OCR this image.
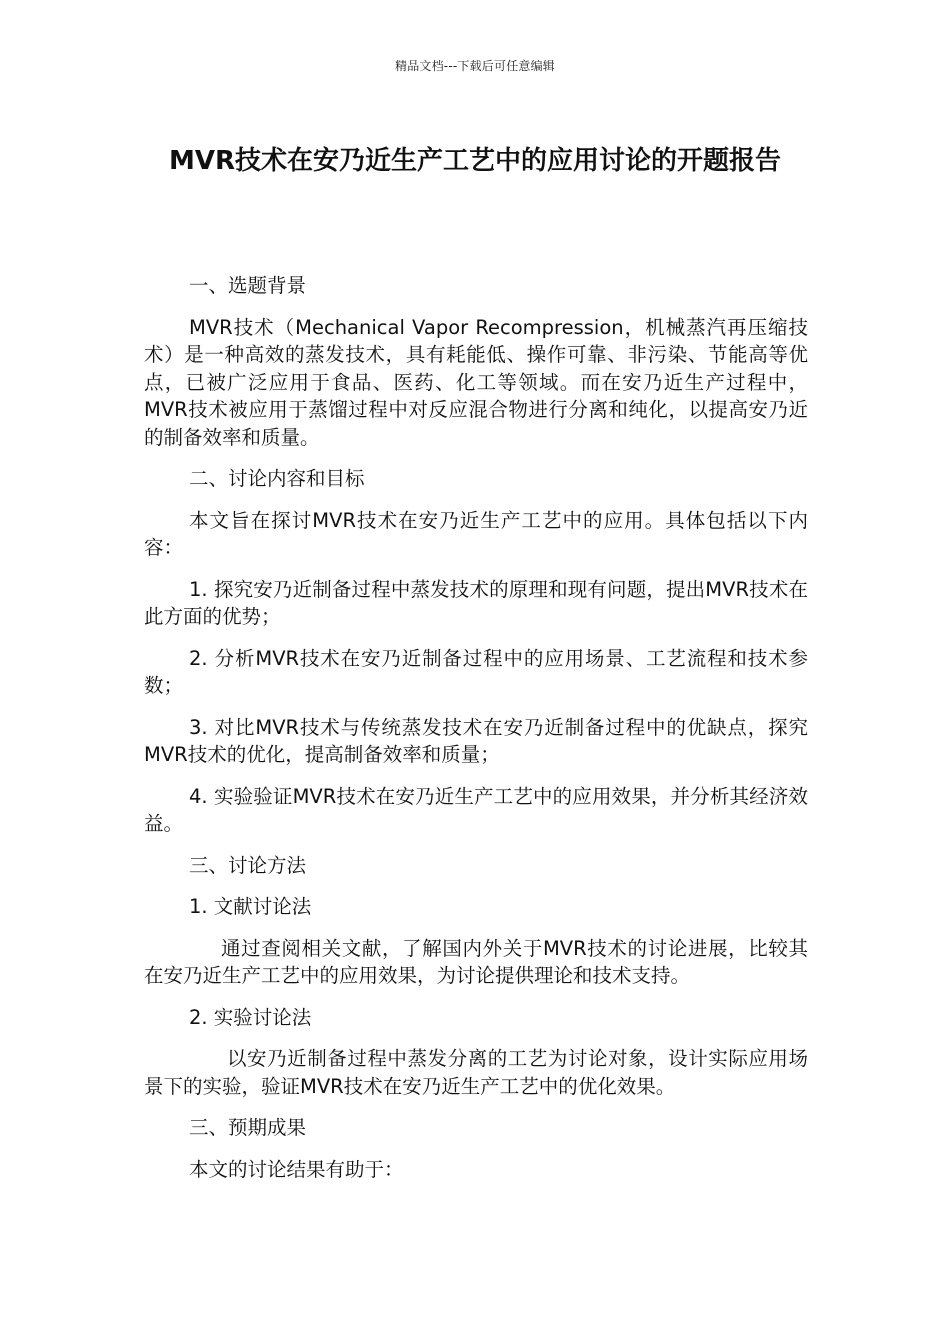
精品文档---下载后可任意编辑
MVR技术在安乃近生产工艺中的应用讨论的开题报告

一、选题背景

MVR技术（Mechanical Vapor Recompression，机械蒸汽再压缩技术）是一种高效的蒸发技术，具有耗能低、操作可靠、非污染、节能高等优点，已被广泛应用于食品、医药、化工等领域。而在安乃近生产过程中，MVR技术被应用于蒸馏过程中对反应混合物进行分离和纯化，以提高安乃近的制备效率和质量。

二、讨论内容和目标

本文旨在探讨MVR技术在安乃近生产工艺中的应用。具体包括以下内容：

1. 探究安乃近制备过程中蒸发技术的原理和现有问题，提出MVR技术在此方面的优势；

2. 分析MVR技术在安乃近制备过程中的应用场景、工艺流程和技术参数；

3. 对比MVR技术与传统蒸发技术在安乃近制备过程中的优缺点，探究MVR技术的优化，提高制备效率和质量；

4. 实验验证MVR技术在安乃近生产工艺中的应用效果，并分析其经济效益。

三、讨论方法

1. 文献讨论法

通过查阅相关文献，了解国内外关于MVR技术的讨论进展，比较其在安乃近生产工艺中的应用效果，为讨论提供理论和技术支持。

2. 实验讨论法

以安乃近制备过程中蒸发分离的工艺为讨论对象，设计实际应用场景下的实验，验证MVR技术在安乃近生产工艺中的优化效果。

三、预期成果

本文的讨论结果有助于：
